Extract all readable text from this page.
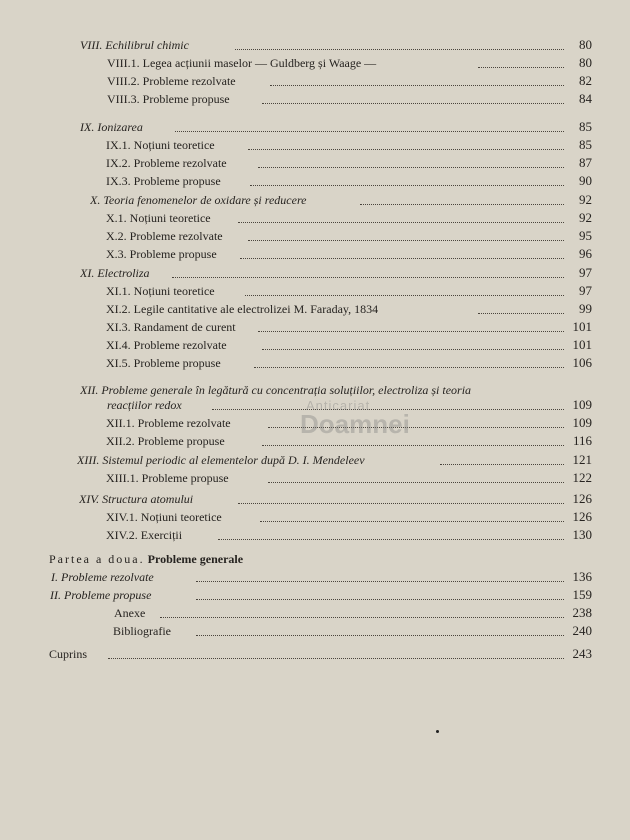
VIII. Echilibrul chimic	80
VIII.1. Legea acțiunii maselor — Guldberg și Waage —	80
VIII.2. Probleme rezolvate	82
VIII.3. Probleme propuse	84
IX. Ionizarea	85
IX.1. Noțiuni teoretice	85
IX.2. Probleme rezolvate	87
IX.3. Probleme propuse	90
X. Teoria fenomenelor de oxidare și reducere	92
X.1. Noțiuni teoretice	92
X.2. Probleme rezolvate	95
X.3. Probleme propuse	96
XI. Electroliza	97
XI.1. Noțiuni teoretice	97
XI.2. Legile cantitative ale electrolizei M. Faraday, 1834	99
XI.3. Randament de curent	101
XI.4. Probleme rezolvate	101
XI.5. Probleme propuse	106
XII. Probleme generale în legătură cu concentrația soluțiilor, electroliza și teoria
reacțiilor redox	109
XII.1. Probleme rezolvate	109
XII.2. Probleme propuse	116
XIII. Sistemul periodic al elementelor după D. I. Mendeleev	121
XIII.1. Probleme propuse	122
XIV. Structura atomului	126
XIV.1. Noțiuni teoretice	126
XIV.2. Exerciții	130
Partea a doua. Probleme generale
I. Probleme rezolvate	136
II. Probleme propuse	159
Anexe	238
Bibliografie	240
Cuprins	243
Anticariat
Doamnei
